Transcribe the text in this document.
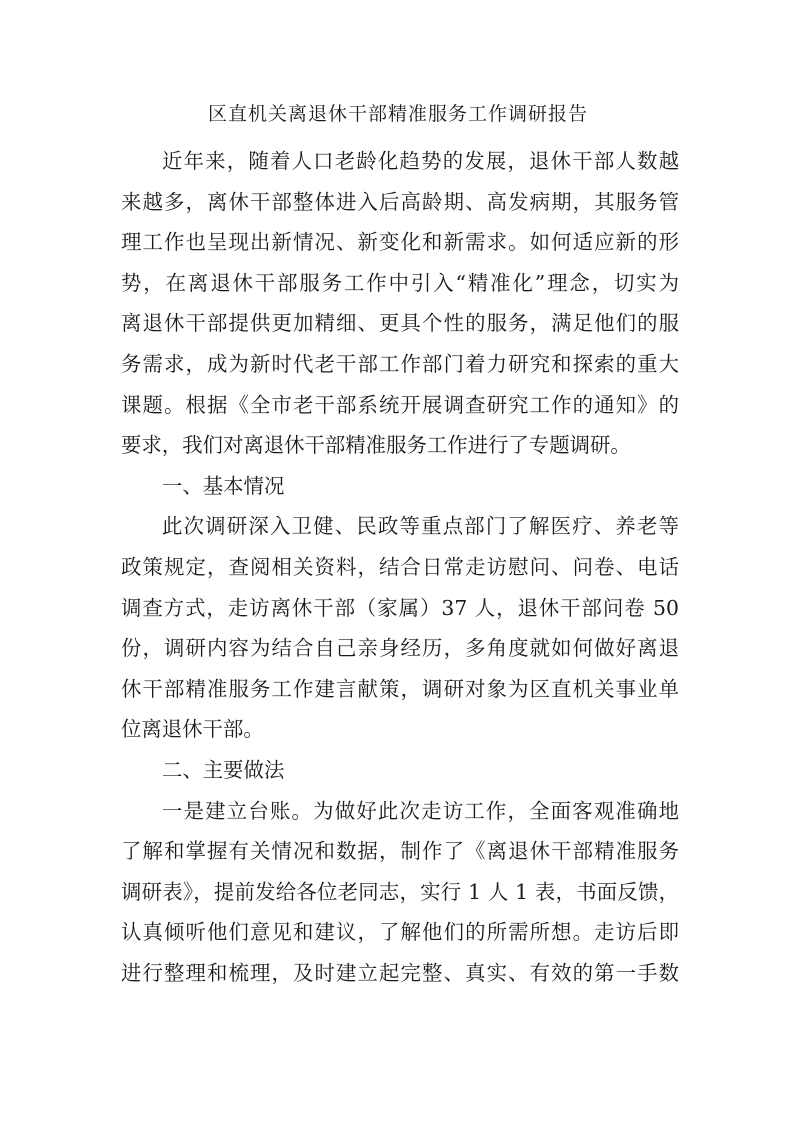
区直机关离退休干部精准服务工作调研报告
近年来，随着人口老龄化趋势的发展，退休干部人数越
来越多，离休干部整体进入后高龄期、高发病期，其服务管
理工作也呈现出新情况、新变化和新需求。如何适应新的形
势，在离退休干部服务工作中引入“精准化”理念，切实为
离退休干部提供更加精细、更具个性的服务，满足他们的服
务需求，成为新时代老干部工作部门着力研究和探索的重大
课题。根据《全市老干部系统开展调查研究工作的通知》的
要求，我们对离退休干部精准服务工作进行了专题调研。
一、基本情况
此次调研深入卫健、民政等重点部门了解医疗、养老等
政策规定，查阅相关资料，结合日常走访慰问、问卷、电话
调查方式，走访离休干部（家属）37 人，退休干部问卷 50
份，调研内容为结合自己亲身经历，多角度就如何做好离退
休干部精准服务工作建言献策，调研对象为区直机关事业单
位离退休干部。
二、主要做法
一是建立台账。为做好此次走访工作，全面客观准确地
了解和掌握有关情况和数据，制作了《离退休干部精准服务
调研表》，提前发给各位老同志，实行 1 人 1 表，书面反馈，
认真倾听他们意见和建议，了解他们的所需所想。走访后即
进行整理和梳理，及时建立起完整、真实、有效的第一手数
